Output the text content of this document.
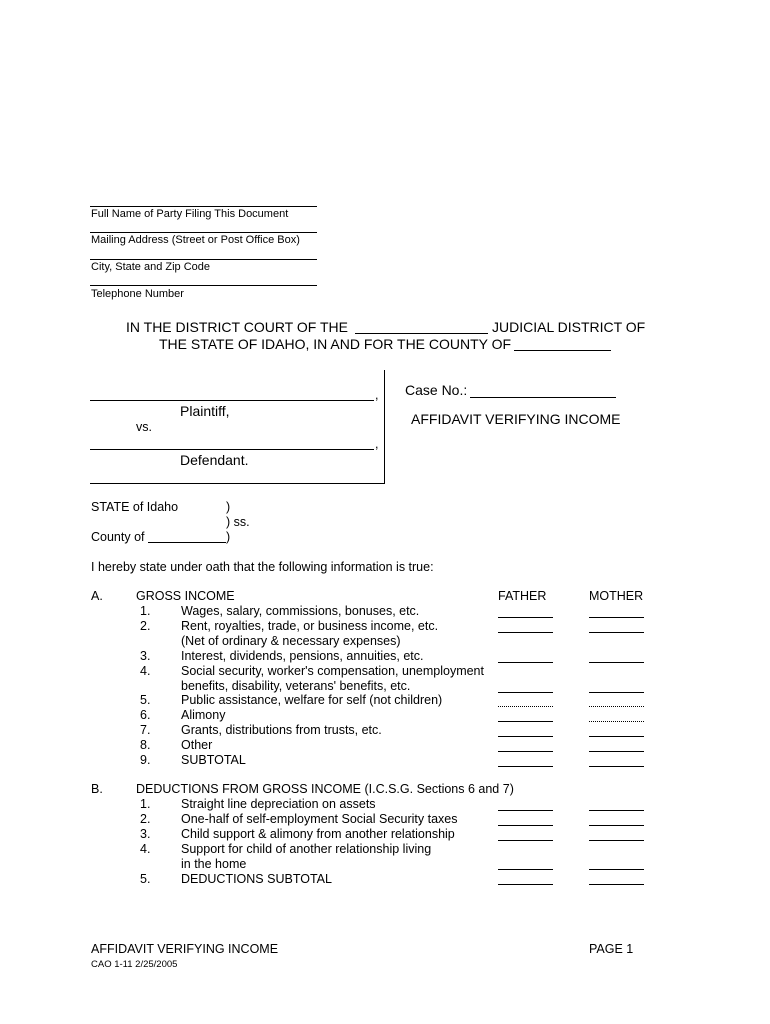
Full Name of Party Filing This Document
Mailing Address (Street or Post Office Box)
City, State and Zip Code
Telephone Number
IN THE DISTRICT COURT OF THE	JUDICIAL DISTRICT OF
THE STATE OF IDAHO, IN AND FOR THE COUNTY OF
,
Plaintiff,
vs.
,
Defendant.
Case No.:
AFFIDAVIT VERIFYING INCOME
STATE of Idaho	)
) ss.
County of	)
I hereby state under oath that the following information is true:
A.	GROSS INCOME	FATHER	MOTHER
1. Wages, salary, commissions, bonuses, etc.
2. Rent, royalties, trade, or business income, etc.
(Net of ordinary & necessary expenses)
3. Interest, dividends, pensions, annuities, etc.
4. Social security, worker's compensation, unemployment
benefits, disability, veterans' benefits, etc.
5. Public assistance, welfare for self (not children)
6. Alimony
7. Grants, distributions from trusts, etc.
8. Other
9. SUBTOTAL
B.	DEDUCTIONS FROM GROSS INCOME (I.C.S.G. Sections 6 and 7)
1. Straight line depreciation on assets
2. One-half of self-employment Social Security taxes
3. Child support & alimony from another relationship
4. Support for child of another relationship living
in the home
5. DEDUCTIONS SUBTOTAL
AFFIDAVIT VERIFYING INCOME
CAO 1-11 2/25/2005
PAGE 1
